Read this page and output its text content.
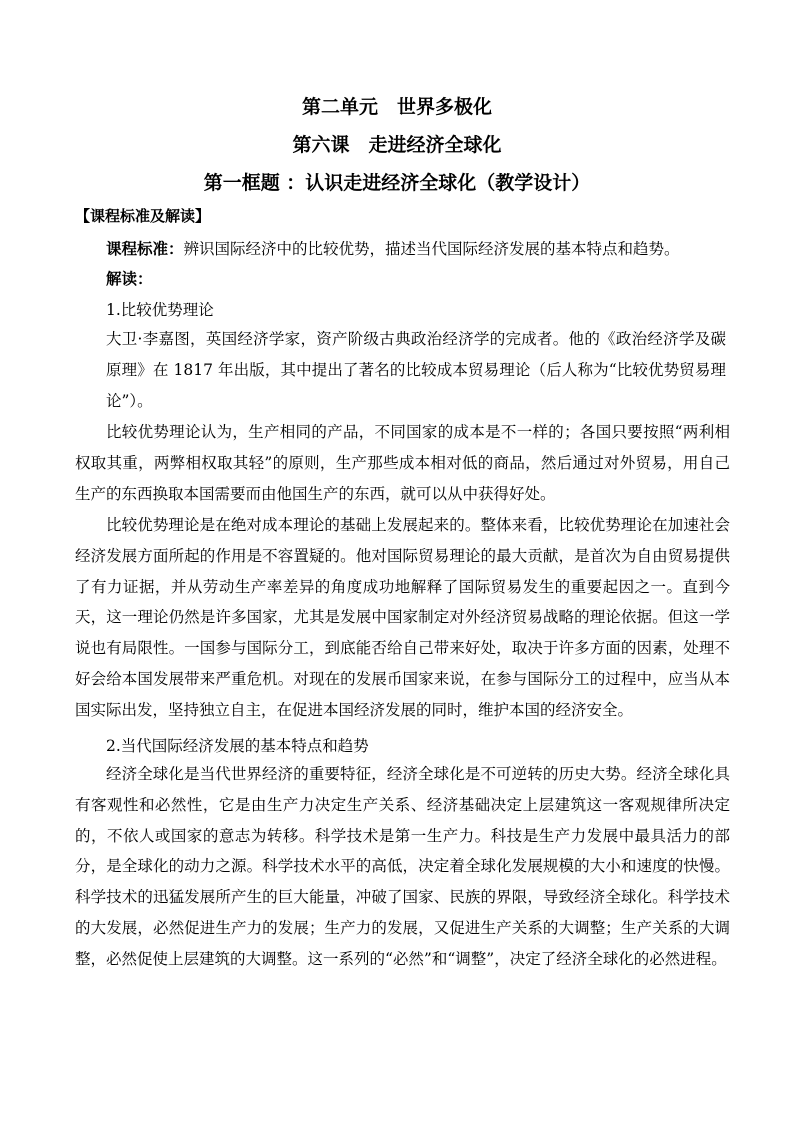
第二单元　世界多极化
第六课　走进经济全球化
第一框题 ：认识走进经济全球化（教学设计）
【课程标准及解读】
课程标准：辨识国际经济中的比较优势，描述当代国际经济发展的基本特点和趋势。
解读：
1.比较优势理论
大卫·李嘉图，英国经济学家，资产阶级古典政治经济学的完成者。他的《政治经济学及碳原理》在 1817 年出版，其中提出了著名的比较成本贸易理论（后人称为“比较优势贸易理论”）。
比较优势理论认为，生产相同的产品，不同国家的成本是不一样的；各国只要按照“两利相权取其重，两弊相权取其轻”的原则，生产那些成本相对低的商品，然后通过对外贸易，用自己生产的东西换取本国需要而由他国生产的东西，就可以从中获得好处。
比较优势理论是在绝对成本理论的基础上发展起来的。整体来看，比较优势理论在加速社会经济发展方面所起的作用是不容置疑的。他对国际贸易理论的最大贡献，是首次为自由贸易提供了有力证据，并从劳动生产率差异的角度成功地解释了国际贸易发生的重要起因之一。直到今天，这一理论仍然是许多国家，尤其是发展中国家制定对外经济贸易战略的理论依据。但这一学说也有局限性。一国参与国际分工，到底能否给自己带来好处，取决于许多方面的因素，处理不好会给本国发展带来严重危机。对现在的发展币国家来说，在参与国际分工的过程中，应当从本国实际出发，坚持独立自主，在促进本国经济发展的同时，维护本国的经济安全。
2.当代国际经济发展的基本特点和趋势
经济全球化是当代世界经济的重要特征，经济全球化是不可逆转的历史大势。经济全球化具有客观性和必然性，它是由生产力决定生产关系、经济基础决定上层建筑这一客观规律所决定的，不依人或国家的意志为转移。科学技术是第一生产力。科技是生产力发展中最具活力的部分，是全球化的动力之源。科学技术水平的高低，决定着全球化发展规模的大小和速度的快慢。科学技术的迅猛发展所产生的巨大能量，冲破了国家、民族的界限，导致经济全球化。科学技术的大发展，必然促进生产力的发展；生产力的发展，又促进生产关系的大调整；生产关系的大调整，必然促使上层建筑的大调整。这一系列的“必然”和“调整”，决定了经济全球化的必然进程。
